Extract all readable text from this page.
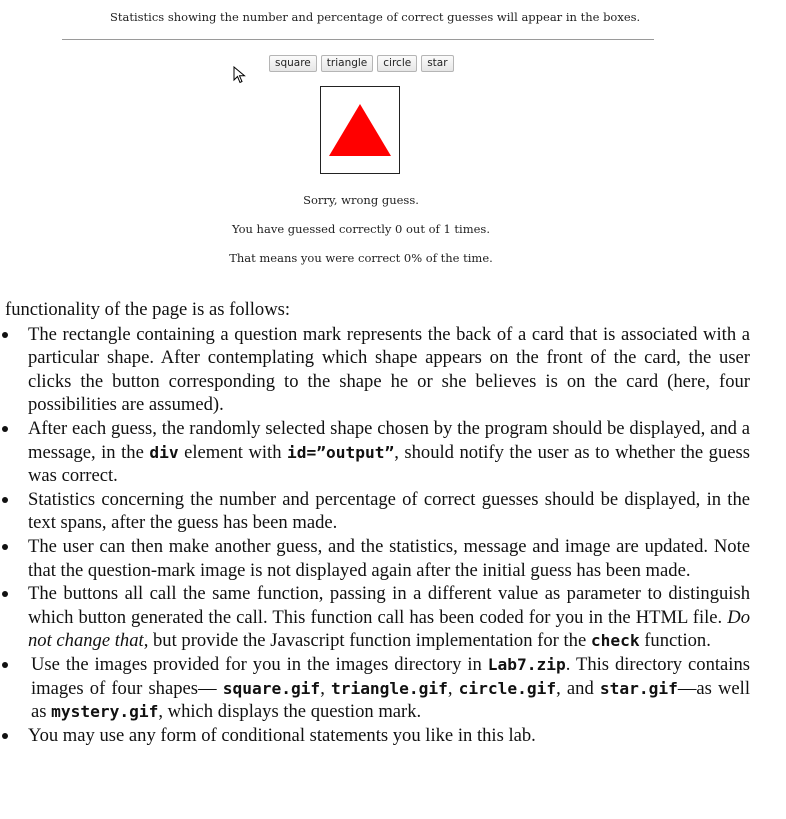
Statistics showing the number and percentage of correct guesses will appear in the boxes.
square	triangle	circle	star
Sorry, wrong guess.
You have guessed correctly 0 out of 1 times.
That means you were correct 0% of the time.

functionality of the page is as follows:

The rectangle containing a question mark represents the back of a card that is associated with a particular shape. After contemplating which shape appears on the front of the card, the user clicks the button corresponding to the shape he or she believes is on the card (here, four possibilities are assumed).
After each guess, the randomly selected shape chosen by the program should be displayed, and a message, in the div element with id=”output”, should notify the user as to whether the guess was correct.
Statistics concerning the number and percentage of correct guesses should be displayed, in the text spans, after the guess has been made.
The user can then make another guess, and the statistics, message and image are updated. Note that the question-mark image is not displayed again after the initial guess has been made.
The buttons all call the same function, passing in a different value as parameter to distinguish which button generated the call. This function call has been coded for you in the HTML file. Do not change that, but provide the Javascript function implementation for the check function.
Use the images provided for you in the images directory in Lab7.zip. This directory contains images of four shapes— square.gif, triangle.gif, circle.gif, and star.gif—as well as mystery.gif, which displays the question mark.
You may use any form of conditional statements you like in this lab.
